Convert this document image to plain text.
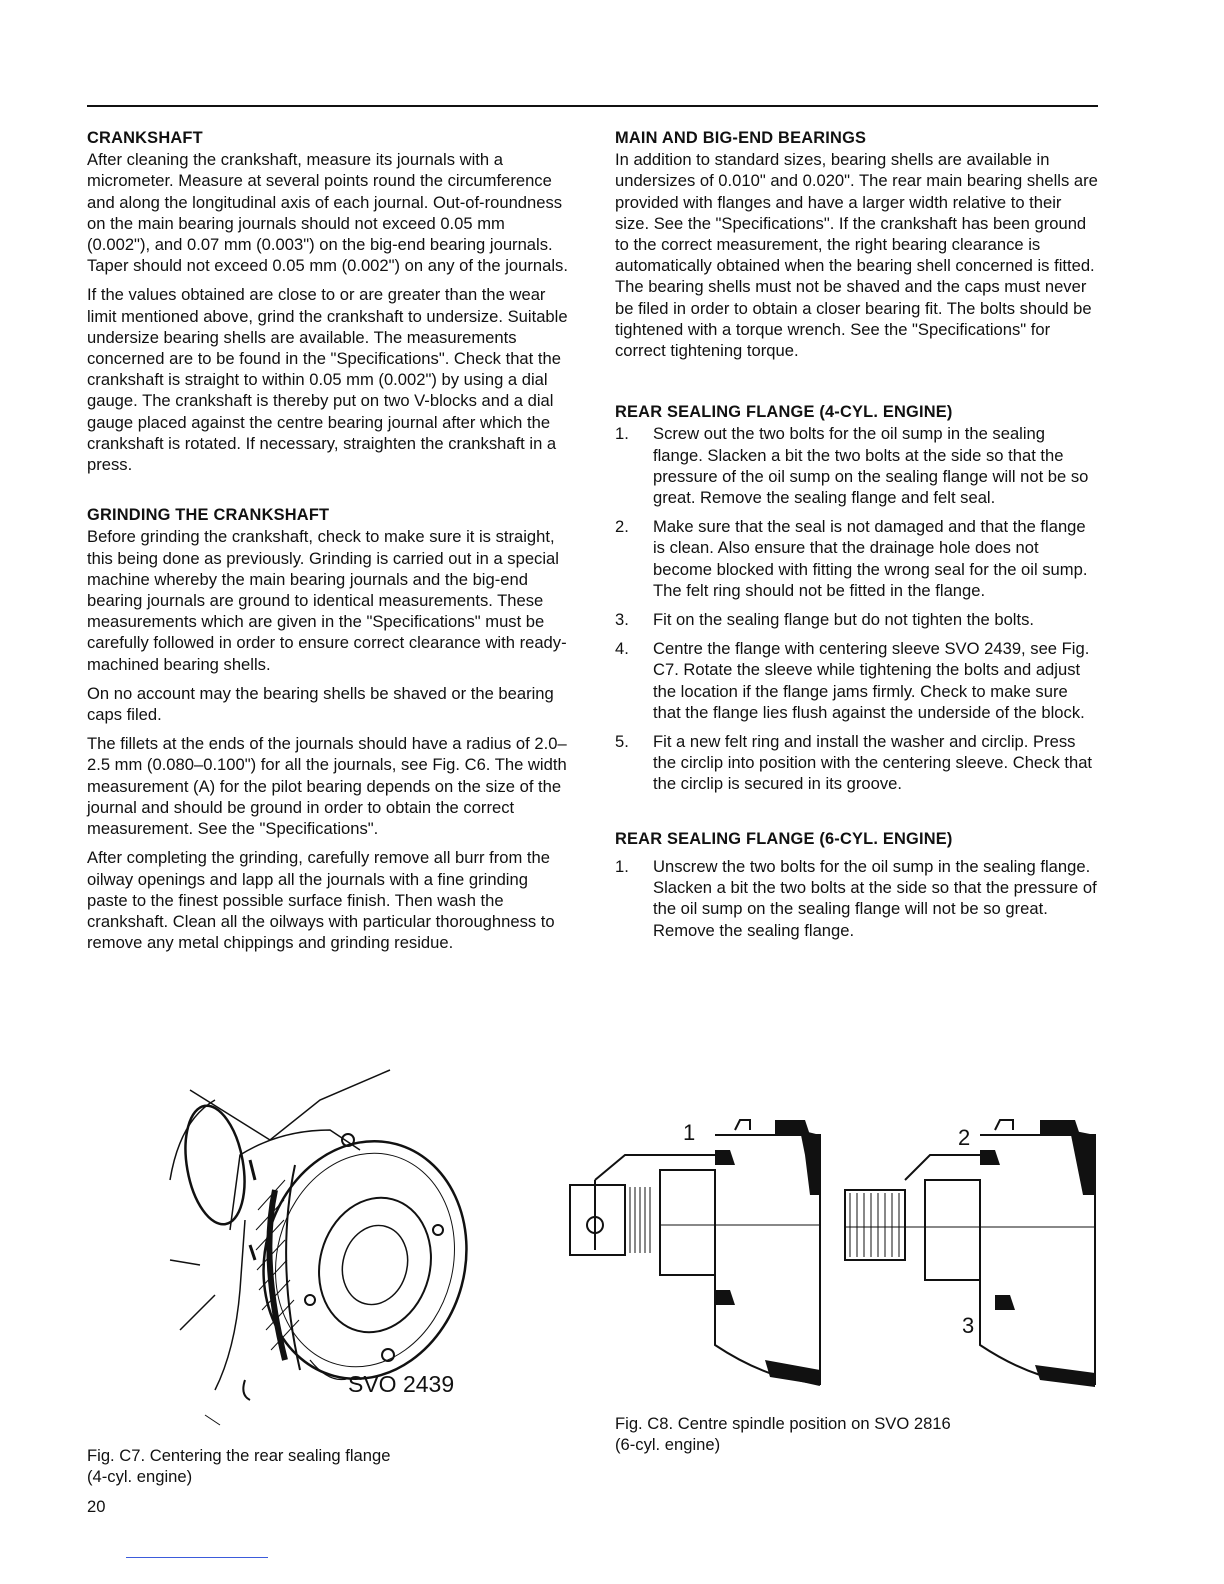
CRANKSHAFT

After cleaning the crankshaft, measure its journals with a micrometer. Measure at several points round the circumference and along the longitudinal axis of each journal. Out-of-roundness on the main bearing journals should not exceed 0.05 mm (0.002"), and 0.07 mm (0.003") on the big-end bearing journals. Taper should not exceed 0.05 mm (0.002") on any of the journals.

If the values obtained are close to or are greater than the wear limit mentioned above, grind the crankshaft to undersize. Suitable undersize bearing shells are available. The measurements concerned are to be found in the "Specifications". Check that the crankshaft is straight to within 0.05 mm (0.002") by using a dial gauge. The crankshaft is thereby put on two V-blocks and a dial gauge placed against the centre bearing journal after which the crankshaft is rotated. If necessary, straighten the crankshaft in a press.

GRINDING THE CRANKSHAFT

Before grinding the crankshaft, check to make sure it is straight, this being done as previously. Grinding is carried out in a special machine whereby the main bearing journals and the big-end bearing journals are ground to identical measurements. These measurements which are given in the "Specifications" must be carefully followed in order to ensure correct clearance with ready-machined bearing shells.

On no account may the bearing shells be shaved or the bearing caps filed.

The fillets at the ends of the journals should have a radius of 2.0–2.5 mm (0.080–0.100") for all the journals, see Fig. C6. The width measurement (A) for the pilot bearing depends on the size of the journal and should be ground in order to obtain the correct measurement. See the "Specifications".

After completing the grinding, carefully remove all burr from the oilway openings and lapp all the journals with a fine grinding paste to the finest possible surface finish. Then wash the crankshaft. Clean all the oilways with particular thoroughness to remove any metal chippings and grinding residue.

MAIN AND BIG-END BEARINGS

In addition to standard sizes, bearing shells are available in undersizes of 0.010" and 0.020". The rear main bearing shells are provided with flanges and have a larger width relative to their size. See the "Specifications". If the crankshaft has been ground to the correct measurement, the right bearing clearance is automatically obtained when the bearing shell concerned is fitted. The bearing shells must not be shaved and the caps must never be filed in order to obtain a closer bearing fit. The bolts should be tightened with a torque wrench. See the "Specifications" for correct tightening torque.

REAR SEALING FLANGE (4-CYL. ENGINE)
1. Screw out the two bolts for the oil sump in the sealing flange. Slacken a bit the two bolts at the side so that the pressure of the oil sump on the sealing flange will not be so great. Remove the sealing flange and felt seal.
2. Make sure that the seal is not damaged and that the flange is clean. Also ensure that the drainage hole does not become blocked with fitting the wrong seal for the oil sump. The felt ring should not be fitted in the flange.
3. Fit on the sealing flange but do not tighten the bolts.
4. Centre the flange with centering sleeve SVO 2439, see Fig. C7. Rotate the sleeve while tightening the bolts and adjust the location if the flange jams firmly. Check to make sure that the flange lies flush against the underside of the block.
5. Fit a new felt ring and install the washer and circlip. Press the circlip into position with the centering sleeve. Check that the circlip is secured in its groove.
REAR SEALING FLANGE (6-CYL. ENGINE)
1. Unscrew the two bolts for the oil sump in the sealing flange. Slacken a bit the two bolts at the side so that the pressure of the oil sump on the sealing flange will not be so great. Remove the sealing flange.
SVO 2439
Fig. C7. Centering the rear sealing flange
(4-cyl. engine)
1	2
3
Fig. C8. Centre spindle position on SVO 2816
(6-cyl. engine)
20
